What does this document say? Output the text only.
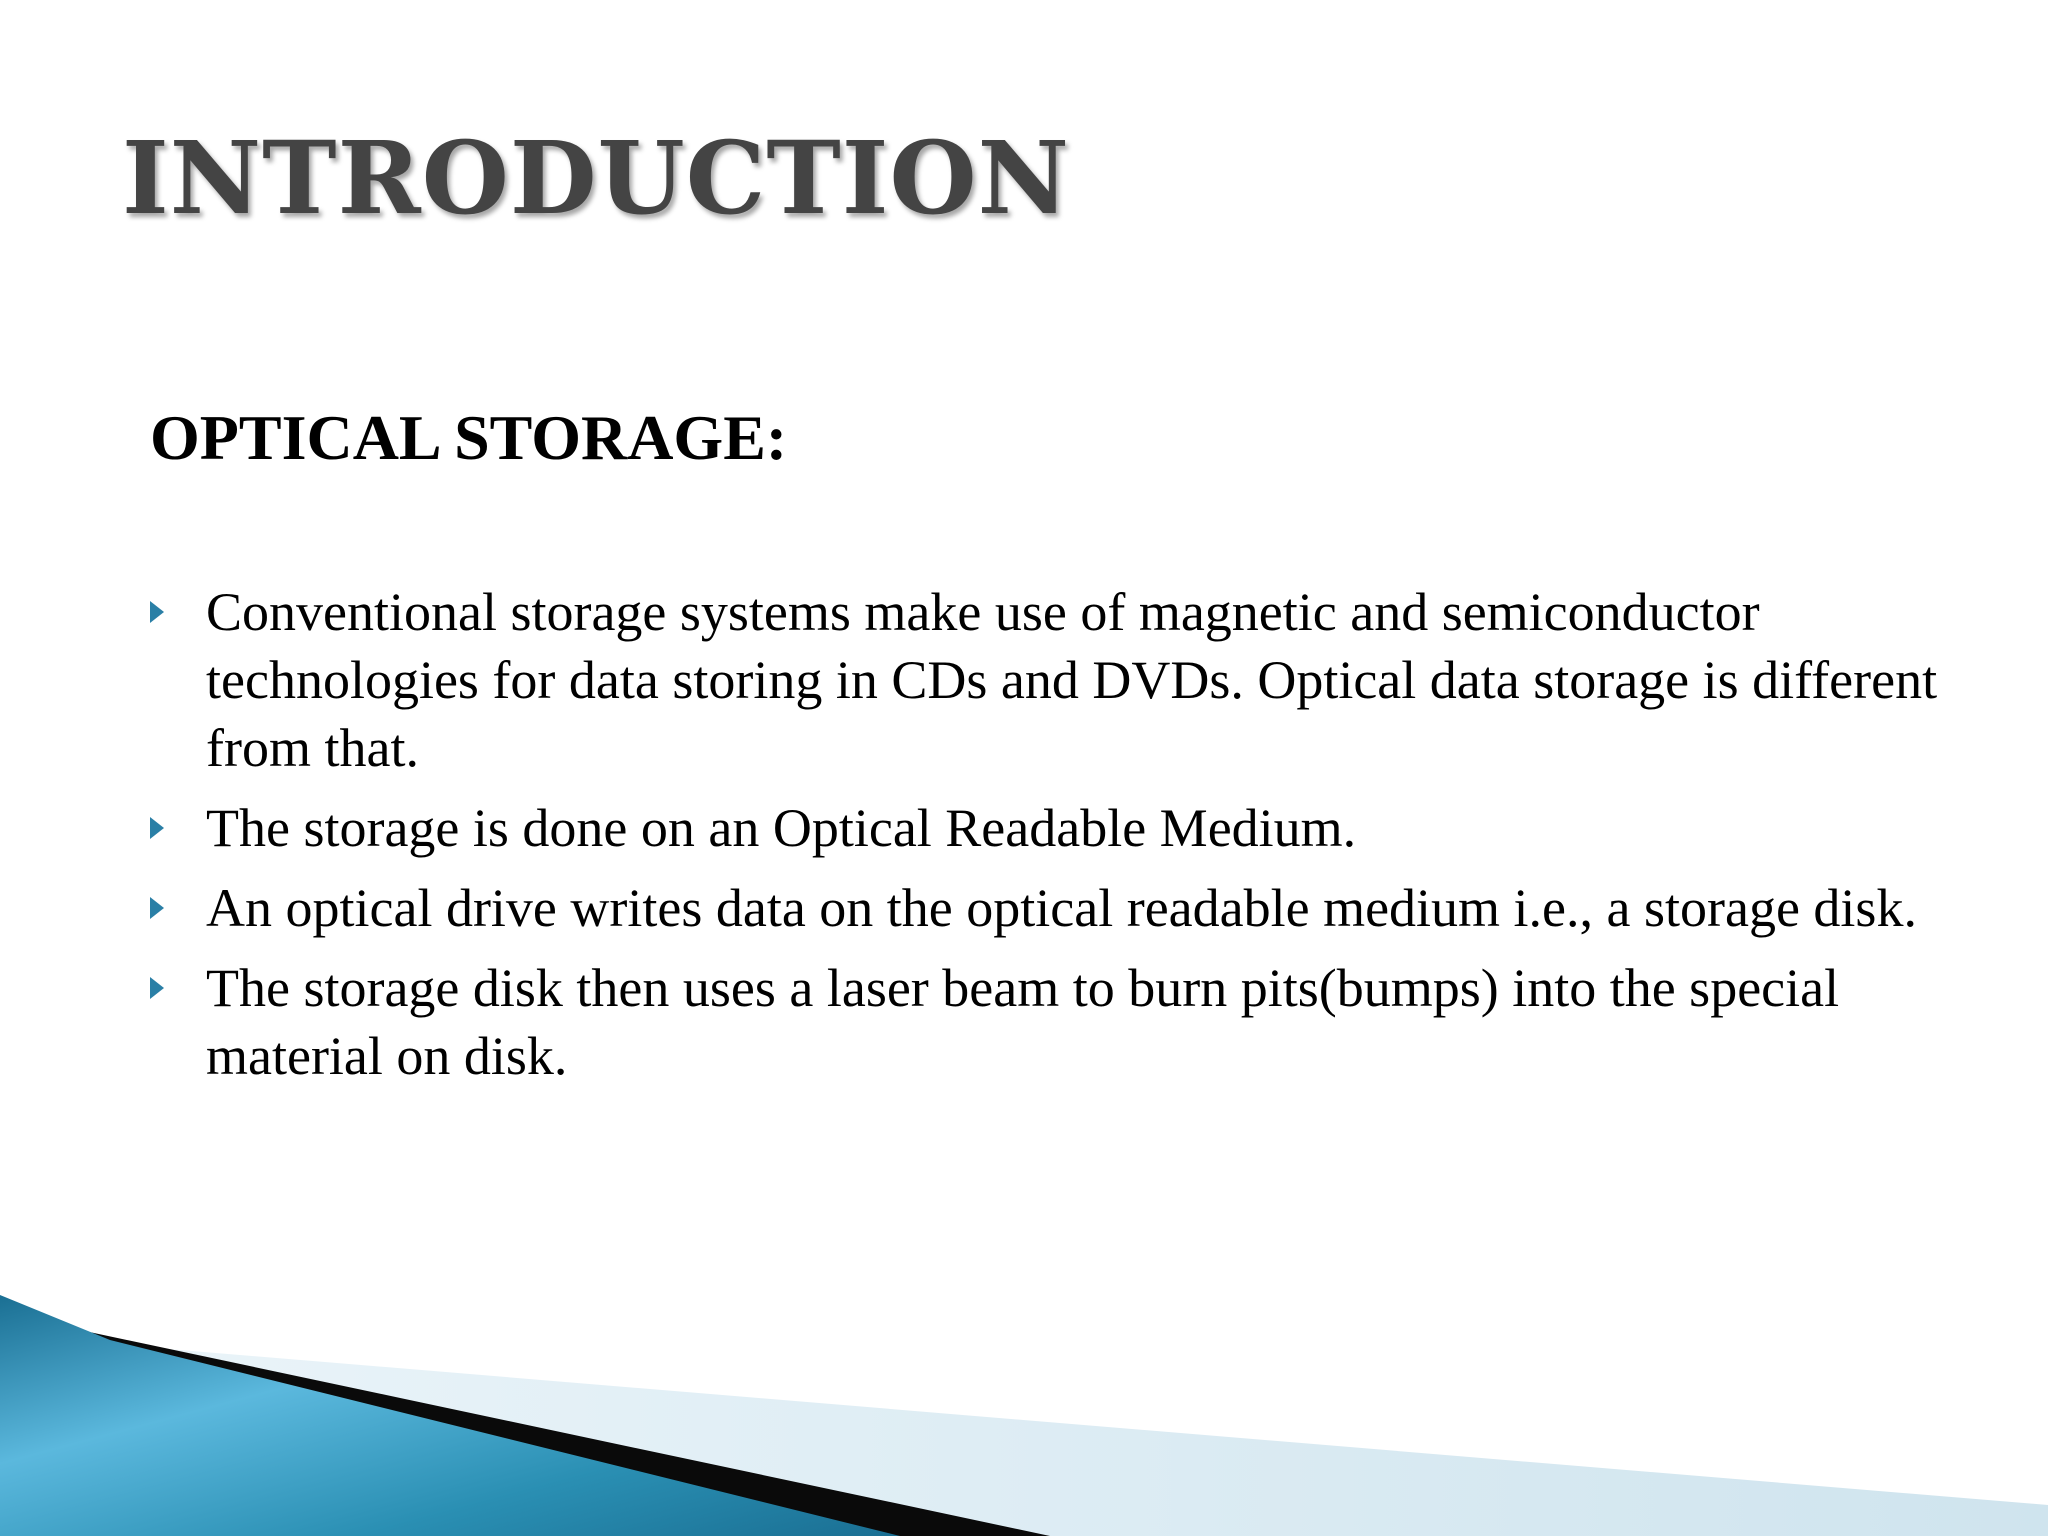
INTRODUCTION
OPTICAL STORAGE:
Conventional storage systems make use of magnetic and semiconductor technologies for data storing in CDs and DVDs. Optical data storage is different from that.
The storage is done on an Optical Readable Medium.
An optical drive writes data on the optical readable medium i.e., a storage disk.
The storage disk then uses a laser beam to burn pits(bumps) into the special material on disk.
